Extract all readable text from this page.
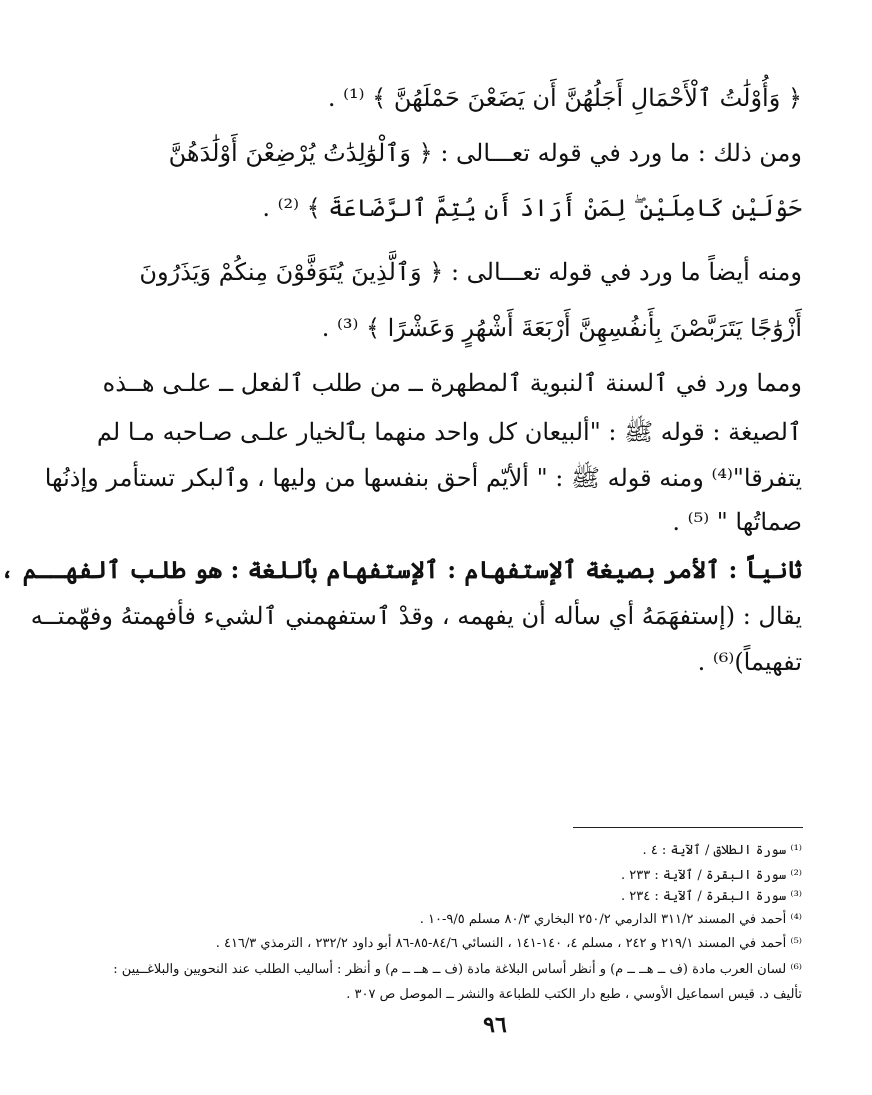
﴿ وَأُوْلَٰتُ ٱلْأَحْمَالِ أَجَلُهُنَّ أَن يَضَعْنَ حَمْلَهُنَّ ﴾ ⁽¹⁾ .
ومن ذلك : ما ورد في قوله تعـــالى : ﴿ وَٱلْوَٰلِدَٰتُ يُرْضِعْنَ أَوْلَٰدَهُنَّ
حَوْلَيْنِ كَامِلَيْنِ ۖ لِمَنْ أَرَادَ أَن يُتِمَّ ٱلرَّضَاعَةَ ﴾ ⁽²⁾ .
ومنه أيضاً ما ورد في قوله تعـــالى : ﴿ وَٱلَّذِينَ يُتَوَفَّوْنَ مِنكُمْ وَيَذَرُونَ
أَزْوَٰجًا يَتَرَبَّصْنَ بِأَنفُسِهِنَّ أَرْبَعَةَ أَشْهُرٍ وَعَشْرًا ﴾ ⁽³⁾ .
ومما ورد في ٱلسنة ٱلنبوية ٱلمطهرة ــ من طلب ٱلفعل ــ علـى هــذه
ٱلصيغة : قوله ﷺ : "ألبيعان كل واحد منهما بٱلخيار علـى صـاحبه مـا لم
يتفرقا"⁽⁴⁾ ومنه قوله ﷺ : " ألأيّم أحق بنفسها من وليها ، وٱلبكر تستأمر وإذنُها
صماتُها " ⁽⁵⁾ .
ثانياً : ٱلأمر بصيغة ٱلإستفهام : ٱلإستفهام بٱللغة : هو طلب ٱلفهــم ،
يقال : (إستفهَمَهُ أي سأله أن يفهمه ، وقدْ ٱستفهمني ٱلشيء فأفهمتهُ وفهّمتــه
تفهيماً)⁽⁶⁾ .
⁽¹⁾ سورة الطلاق / ٱلآية : ٤ .
⁽²⁾ سورة البقرة / ٱلآية : ٢٣٣ .
⁽³⁾ سورة البقرة / ٱلآية : ٢٣٤ .
⁽⁴⁾ أحمد في المسند ٣١١/٢ الدارمي ٢٥٠/٢ البخاري ٨٠/٣ مسلم ٩/٥-١٠ .
⁽⁵⁾ أحمد في المسند ٢١٩/١ و ٢٤٢ ، مسلم ٤، ١٤٠-١٤١ ، النسائي ٨٤/٦-٨٥-٨٦ أبو داود ٢٣٢/٢ ، الترمذي ٤١٦/٣ .
⁽⁶⁾ لسان العرب مادة (ف ــ هــ ــ م) و أنظر أساس البلاغة مادة (ف ــ هــ ــ م) و أنظر : أساليب الطلب عند النحويين والبلاغــيين :
تأليف د. قيس اسماعيل الأوسي ، طبع دار الكتب للطباعة والنشر ــ الموصل ص ٣٠٧ .
٩٦
